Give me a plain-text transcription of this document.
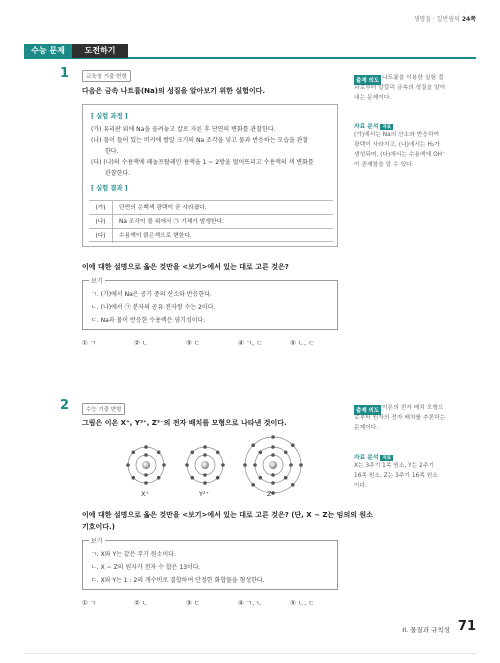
생명질 · 일반필의 24쪽
수능 문제	도전하기
1	교육청 기출 변형
다음은 금속 나트륨(Na)의 성질을 알아보기 위한 실험이다.
[ 실험 과정 ]
(가) 유리판 위에 Na을 올려놓고 칼로 자른 후 단면의 변화를 관찰한다.
(나) 물이 들어 있는 비커에 쌀알 크기의 Na 조각을 넣고 물과 반응하는 모습을 관찰
한다.
(다) (나)의 수용액에 페놀프탈레인 용액을 1 ~ 2방울 떨어뜨리고 수용액의 색 변화를
관찰한다.
[ 실험 결과 ]
(가)	단면의 은백색 광택이 곧 사라졌다.
(나)	Na 조각이 물 위에서 ㉠ 기체가 발생한다.
(다)	수용액이 붉은색으로 변한다.
이에 대한 설명으로 옳은 것만을 <보기>에서 있는 대로 고른 것은?
보기
ㄱ. (가)에서 Na은 공기 중의 산소와 반응한다.
ㄴ. (나)에서 ㉠ 분자의 공유 전자쌍 수는 2이다.
ㄷ. Na과 물이 반응한 수용액은 염기성이다.
① ㄱ	② ㄴ	③ ㄷ	④ ㄱ, ㄷ	⑤ ㄴ, ㄷ
출제 의도 나트륨을 이용한 실험 결
과로부터 알칼리 금속의 성질을 알아
내는 문제이다.
자료 분석 자료
(가)에서는 Na의 산소와 반응하여
광택이 사라지고, (나)에서는 H₂가
생성되며, (다)에서는 수용액에 OH⁻
이 존재함을 알 수 있다.
2	수능 기출 변형
그림은 이온 X⁺, Y²⁺, Z²⁻의 전자 배치를 모형으로 나타낸 것이다.
X⁺	Y²⁺	Z²⁻
이에 대한 설명으로 옳은 것만을 <보기>에서 있는 대로 고른 것은? (단, X ~ Z는 임의의 원소
기호이다.)
보기
ㄱ. X와 Y는 같은 주기 원소이다.
ㄴ. X ~ Z의 원자가 전자 수 합은 13이다.
ㄷ. X와 Y는 1 : 2의 개수비로 결합하여 안정한 화합물을 형성한다.
① ㄱ	② ㄴ	③ ㄷ	④ ㄱ, ㄴ	⑤ ㄴ, ㄷ
출제 의도 이온의 전자 배치 모형으
로부터 원자의 전자 배치를 추론하는
문제이다.
자료 분석 자료
X는 3주기 1족 원소, Y는 2주기
16족 원소, Z는 3주기 16족 원소
이다.
II. 물질과 규칙성 71
